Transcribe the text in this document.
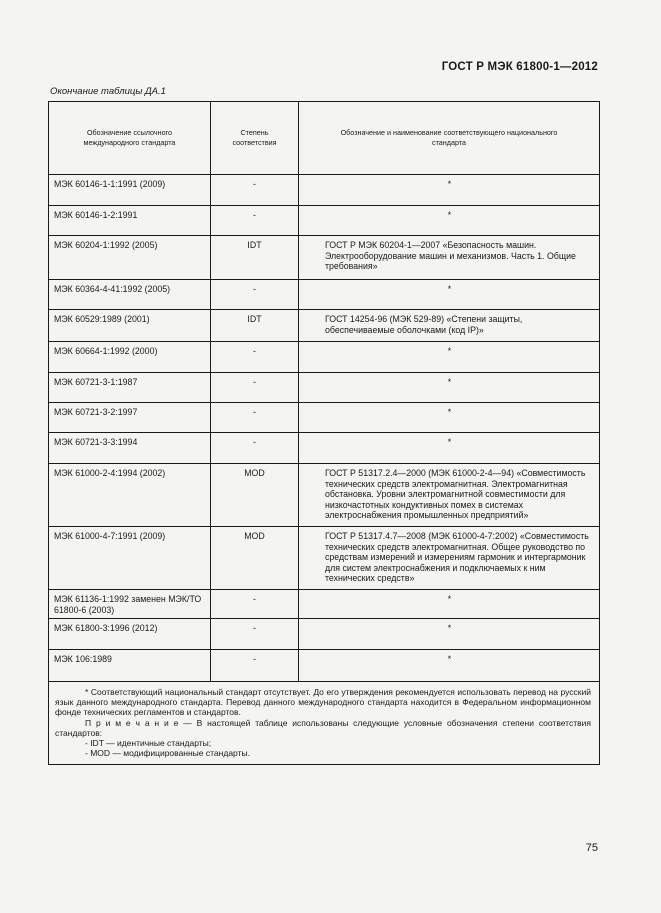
ГОСТ Р МЭК 61800-1—2012
Окончание таблицы ДА.1
Обозначение ссылочного международного стандарта	Степень соответствия	Обозначение и наименование соответствующего национального стандарта
МЭК 60146-1-1:1991 (2009)	-	*
МЭК 60146-1-2:1991	-	*
МЭК 60204-1:1992 (2005)	IDT	ГОСТ Р МЭК 60204-1—2007 «Безопасность машин. Электрооборудование машин и механизмов. Часть 1. Общие требования»

МЭК 60364-4-41:1992 (2005)	-	*
МЭК 60529:1989 (2001)	IDT	ГОСТ 14254-96 (МЭК 529-89) «Степени защиты, обеспечиваемые оболочками (код IP)»

МЭК 60664-1:1992 (2000)	-	*
МЭК 60721-3-1:1987	-	*
МЭК 60721-3-2:1997	-	*
МЭК 60721-3-3:1994	-	*
МЭК 61000-2-4:1994 (2002)	MOD	ГОСТ Р 51317.2.4—2000 (МЭК 61000-2-4—94) «Совместимость технических средств электромагнитная. Электромагнитная обстановка. Уровни электромагнитной совместимости для низкочастотных кондуктивных помех в системах электроснабжения промышленных предприятий»

МЭК 61000-4-7:1991 (2009)	MOD	ГОСТ Р 51317.4.7—2008 (МЭК 61000-4-7:2002) «Совместимость технических средств электромагнитная. Общее руководство по средствам измерений и измерениям гармоник и интергармоник для систем электроснабжения и подключаемых к ним технических средств»

МЭК 61136-1:1992 заменен МЭК/ТО 61800-6 (2003)	-	*
МЭК 61800-3:1996 (2012)	-	*
МЭК 106:1989	-	*

* Соответствующий национальный стандарт отсутствует. До его утверждения рекомендуется использовать перевод на русский язык данного международного стандарта. Перевод данного международного стандарта находится в Федеральном информационном фонде технических регламентов и стандартов.

П р и м е ч а н и е — В настоящей таблице использованы следующие условные обозначения степени соответствия стандартов:

- IDT — идентичные стандарты;

- MOD — модифицированные стандарты.		

75
